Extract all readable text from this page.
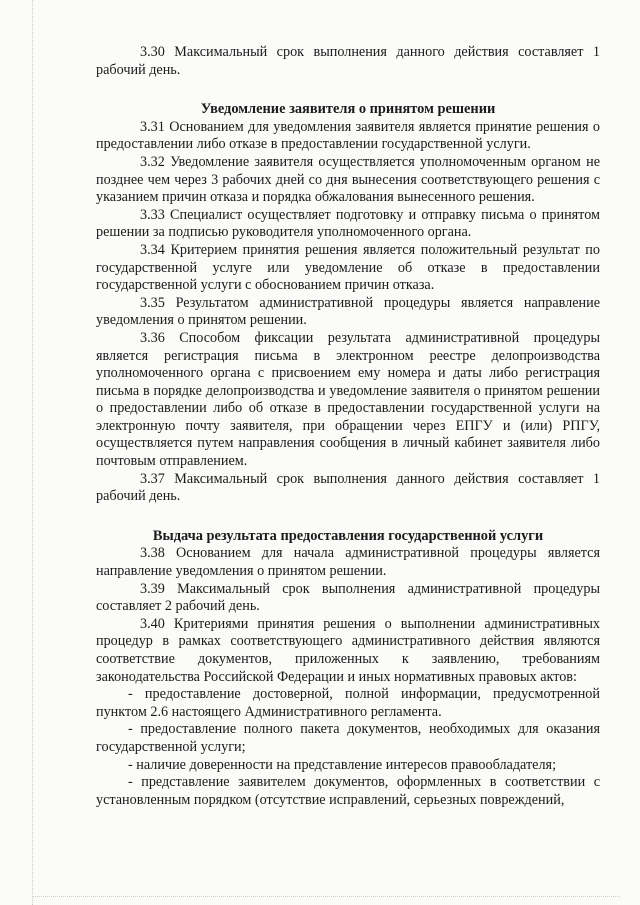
3.30 Максимальный срок выполнения данного действия составляет 1 рабочий день.

Уведомление заявителя о принятом решении

3.31 Основанием для уведомления заявителя является принятие решения о предоставлении либо отказе в предоставлении государственной услуги.

3.32 Уведомление заявителя осуществляется уполномоченным органом не позднее чем через 3 рабочих дней со дня вынесения соответствующего решения с указанием причин отказа и порядка обжалования вынесенного решения.

3.33 Специалист осуществляет подготовку и отправку письма о принятом решении за подписью руководителя уполномоченного органа.

3.34 Критерием принятия решения является положительный результат по государственной услуге или уведомление об отказе в предоставлении государственной услуги с обоснованием причин отказа.

3.35 Результатом административной процедуры является направление уведомления о принятом решении.

3.36 Способом фиксации результата административной процедуры является регистрация письма в электронном реестре делопроизводства уполномоченного органа с присвоением ему номера и даты либо регистрация письма в порядке делопроизводства и уведомление заявителя о принятом решении о предоставлении либо об отказе в предоставлении государственной услуги на электронную почту заявителя, при обращении через ЕПГУ и (или) РПГУ, осуществляется путем направления сообщения в личный кабинет заявителя либо почтовым отправлением.

3.37 Максимальный срок выполнения данного действия составляет 1 рабочий день.

Выдача результата предоставления государственной услуги

3.38 Основанием для начала административной процедуры является направление уведомления о принятом решении.

3.39 Максимальный срок выполнения административной процедуры составляет 2 рабочий день.

3.40 Критериями принятия решения о выполнении административных процедур в рамках соответствующего административного действия являются соответствие документов, приложенных к заявлению, требованиям законодательства Российской Федерации и иных нормативных правовых актов:

- предоставление достоверной, полной информации, предусмотренной пунктом 2.6 настоящего Административного регламента.

- предоставление полного пакета документов, необходимых для оказания государственной услуги;

- наличие доверенности на представление интересов правообладателя;

- представление заявителем документов, оформленных в соответствии с установленным порядком (отсутствие исправлений, серьезных повреждений,
